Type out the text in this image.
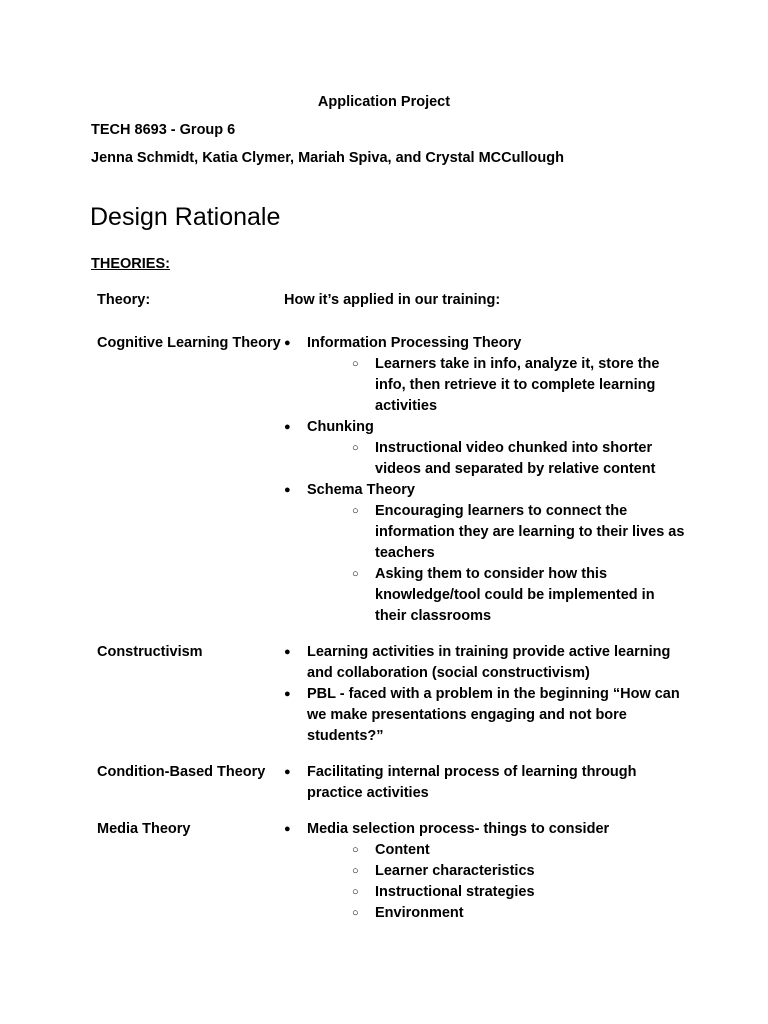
Application Project
TECH 8693 - Group 6
Jenna Schmidt, Katia Clymer, Mariah Spiva, and Crystal MCCullough
Design Rationale
THEORIES:
Theory:	How it’s applied in our training:
Cognitive Learning Theory	● Information Processing Theory
○ Learners take in info, analyze it, store the info, then retrieve it to complete learning activities
● Chunking
○ Instructional video chunked into shorter videos and separated by relative content
● Schema Theory
○ Encouraging learners to connect the information they are learning to their lives as teachers
○ Asking them to consider how this knowledge/tool could be implemented in their classrooms
Constructivism	● Learning activities in training provide active learning and collaboration (social constructivism)
● PBL - faced with a problem in the beginning “How can we make presentations engaging and not bore students?”
Condition-Based Theory	● Facilitating internal process of learning through practice activities
Media Theory	● Media selection process- things to consider
○ Content
○ Learner characteristics
○ Instructional strategies
○ Environment
